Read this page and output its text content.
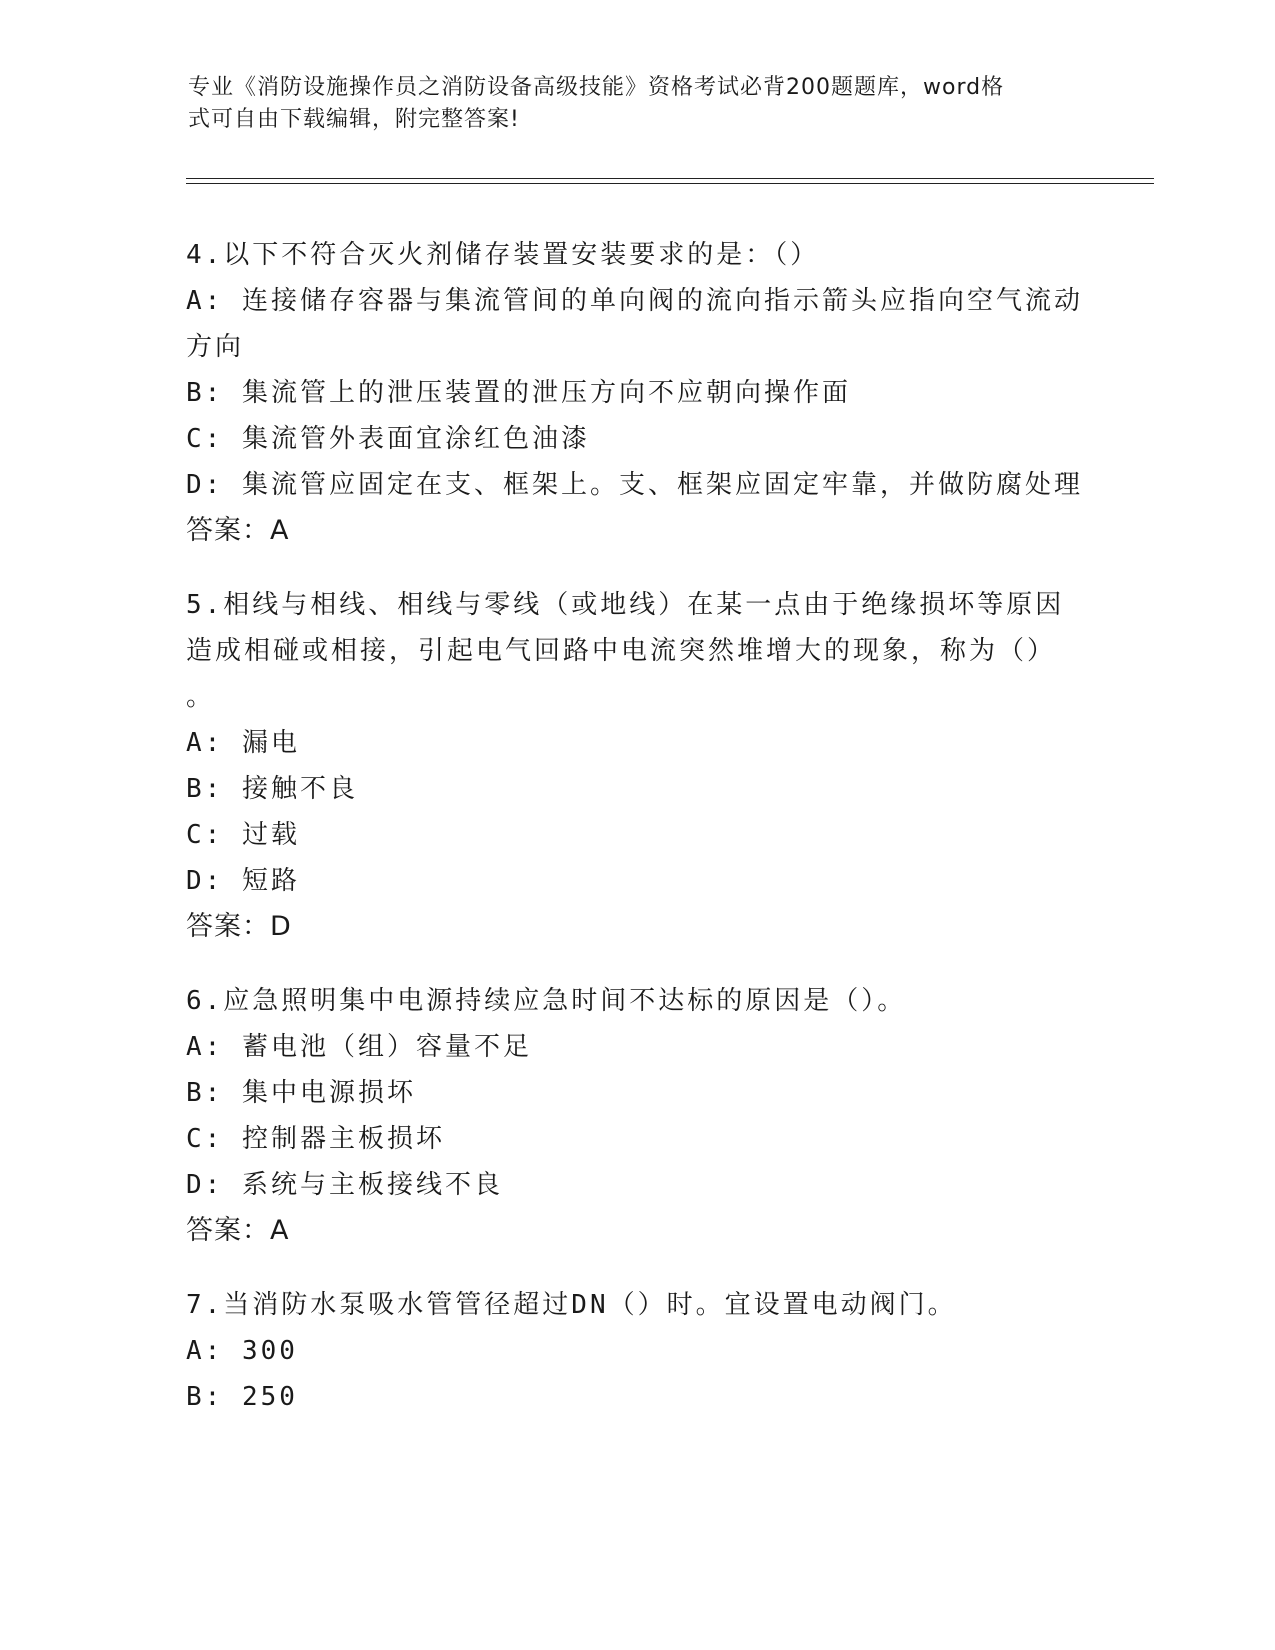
专业《消防设施操作员之消防设备高级技能》资格考试必背200题题库，word格
式可自由下载编辑，附完整答案!
4.以下不符合灭火剂储存装置安装要求的是：（）
A: 连接储存容器与集流管间的单向阀的流向指示箭头应指向空气流动
方向
B: 集流管上的泄压装置的泄压方向不应朝向操作面
C: 集流管外表面宜涂红色油漆
D: 集流管应固定在支、框架上。支、框架应固定牢靠，并做防腐处理
答案：A
5.相线与相线、相线与零线（或地线）在某一点由于绝缘损坏等原因
造成相碰或相接，引起电气回路中电流突然堆增大的现象，称为（）
。
A: 漏电
B: 接触不良
C: 过载
D: 短路
答案：D
6.应急照明集中电源持续应急时间不达标的原因是（）。
A: 蓄电池（组）容量不足
B: 集中电源损坏
C: 控制器主板损坏
D: 系统与主板接线不良
答案：A
7.当消防水泵吸水管管径超过DN（）时。宜设置电动阀门。
A: 300
B: 250
